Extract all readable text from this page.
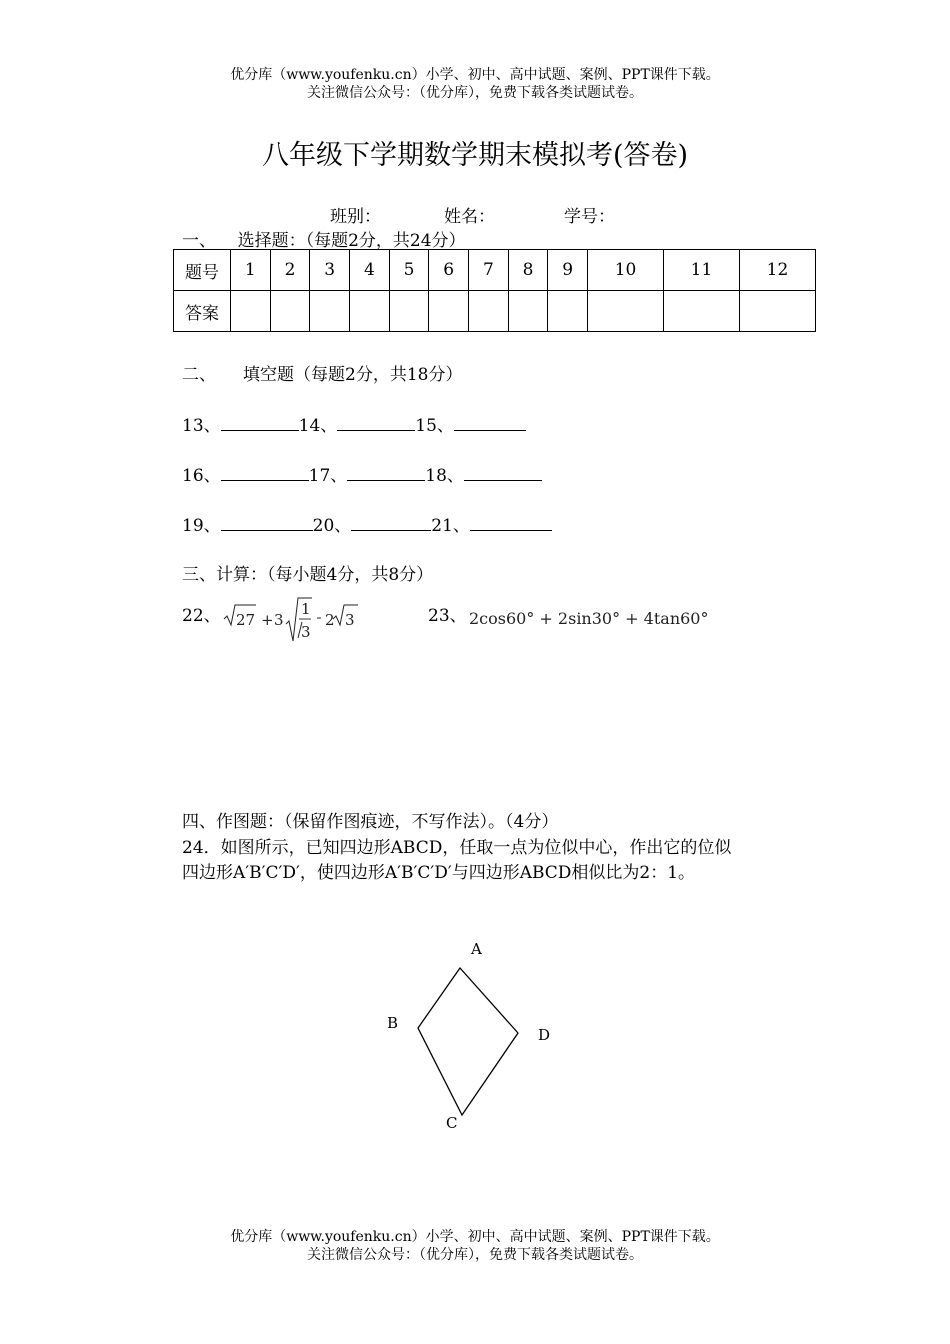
优分库（www.youfenku.cn）小学、初中、高中试题、案例、PPT课件下载。
关注微信公众号：（优分库），免费下载各类试题试卷。
八年级下学期数学期末模拟考(答卷)
班别：	姓名：	学号：
一、    选择题：（每题2分，共24分）
题号	1	2	3	4	5	6	7	8	9	10	11	12
答案												
二、     填空题（每题2分，共18分）
13、	14、	15、
16、	17、	18、
19、	20、	21、
三、计算：（每小题4分，共8分）
22、 27 + 3
1
3
2 3	23、 2cos60° + 2sin30° + 4tan60°
四、作图题：（保留作图痕迹，不写作法）。（4分）
24．如图所示，已知四边形ABCD，任取一点为位似中心，作出它的位似
四边形A′B′C′D′，使四边形A′B′C′D′与四边形ABCD相似比为2：1。
A
B
D
C
优分库（www.youfenku.cn）小学、初中、高中试题、案例、PPT课件下载。
关注微信公众号：（优分库），免费下载各类试题试卷。
